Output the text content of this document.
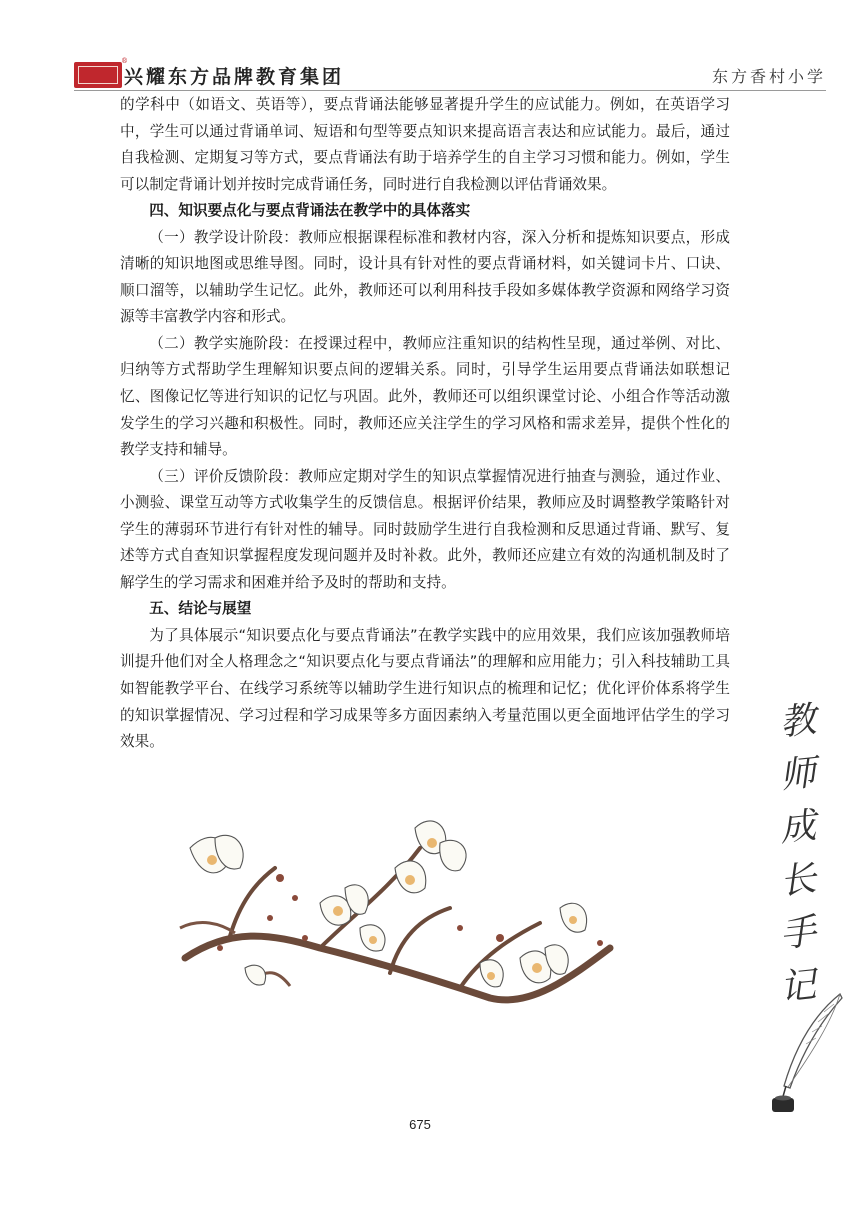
®
兴耀东方品牌教育集团	东方香村小学

的学科中（如语文、英语等），要点背诵法能够显著提升学生的应试能力。例如，在英语学习中，学生可以通过背诵单词、短语和句型等要点知识来提高语言表达和应试能力。最后，通过自我检测、定期复习等方式，要点背诵法有助于培养学生的自主学习习惯和能力。例如，学生可以制定背诵计划并按时完成背诵任务，同时进行自我检测以评估背诵效果。

四、知识要点化与要点背诵法在教学中的具体落实

（一）教学设计阶段：教师应根据课程标准和教材内容，深入分析和提炼知识要点，形成清晰的知识地图或思维导图。同时，设计具有针对性的要点背诵材料，如关键词卡片、口诀、顺口溜等，以辅助学生记忆。此外，教师还可以利用科技手段如多媒体教学资源和网络学习资源等丰富教学内容和形式。

（二）教学实施阶段：在授课过程中，教师应注重知识的结构性呈现，通过举例、对比、归纳等方式帮助学生理解知识要点间的逻辑关系。同时，引导学生运用要点背诵法如联想记忆、图像记忆等进行知识的记忆与巩固。此外，教师还可以组织课堂讨论、小组合作等活动激发学生的学习兴趣和积极性。同时，教师还应关注学生的学习风格和需求差异，提供个性化的教学支持和辅导。

（三）评价反馈阶段：教师应定期对学生的知识点掌握情况进行抽查与测验，通过作业、小测验、课堂互动等方式收集学生的反馈信息。根据评价结果，教师应及时调整教学策略针对学生的薄弱环节进行有针对性的辅导。同时鼓励学生进行自我检测和反思通过背诵、默写、复述等方式自查知识掌握程度发现问题并及时补救。此外，教师还应建立有效的沟通机制及时了解学生的学习需求和困难并给予及时的帮助和支持。

五、结论与展望

为了具体展示“知识要点化与要点背诵法”在教学实践中的应用效果，我们应该加强教师培训提升他们对全人格理念之“知识要点化与要点背诵法”的理解和应用能力；引入科技辅助工具如智能教学平台、在线学习系统等以辅助学生进行知识点的梳理和记忆；优化评价体系将学生的知识掌握情况、学习过程和学习成果等多方面因素纳入考量范围以更全面地评估学生的学习效果。	教
师
成
长
手
记
675
